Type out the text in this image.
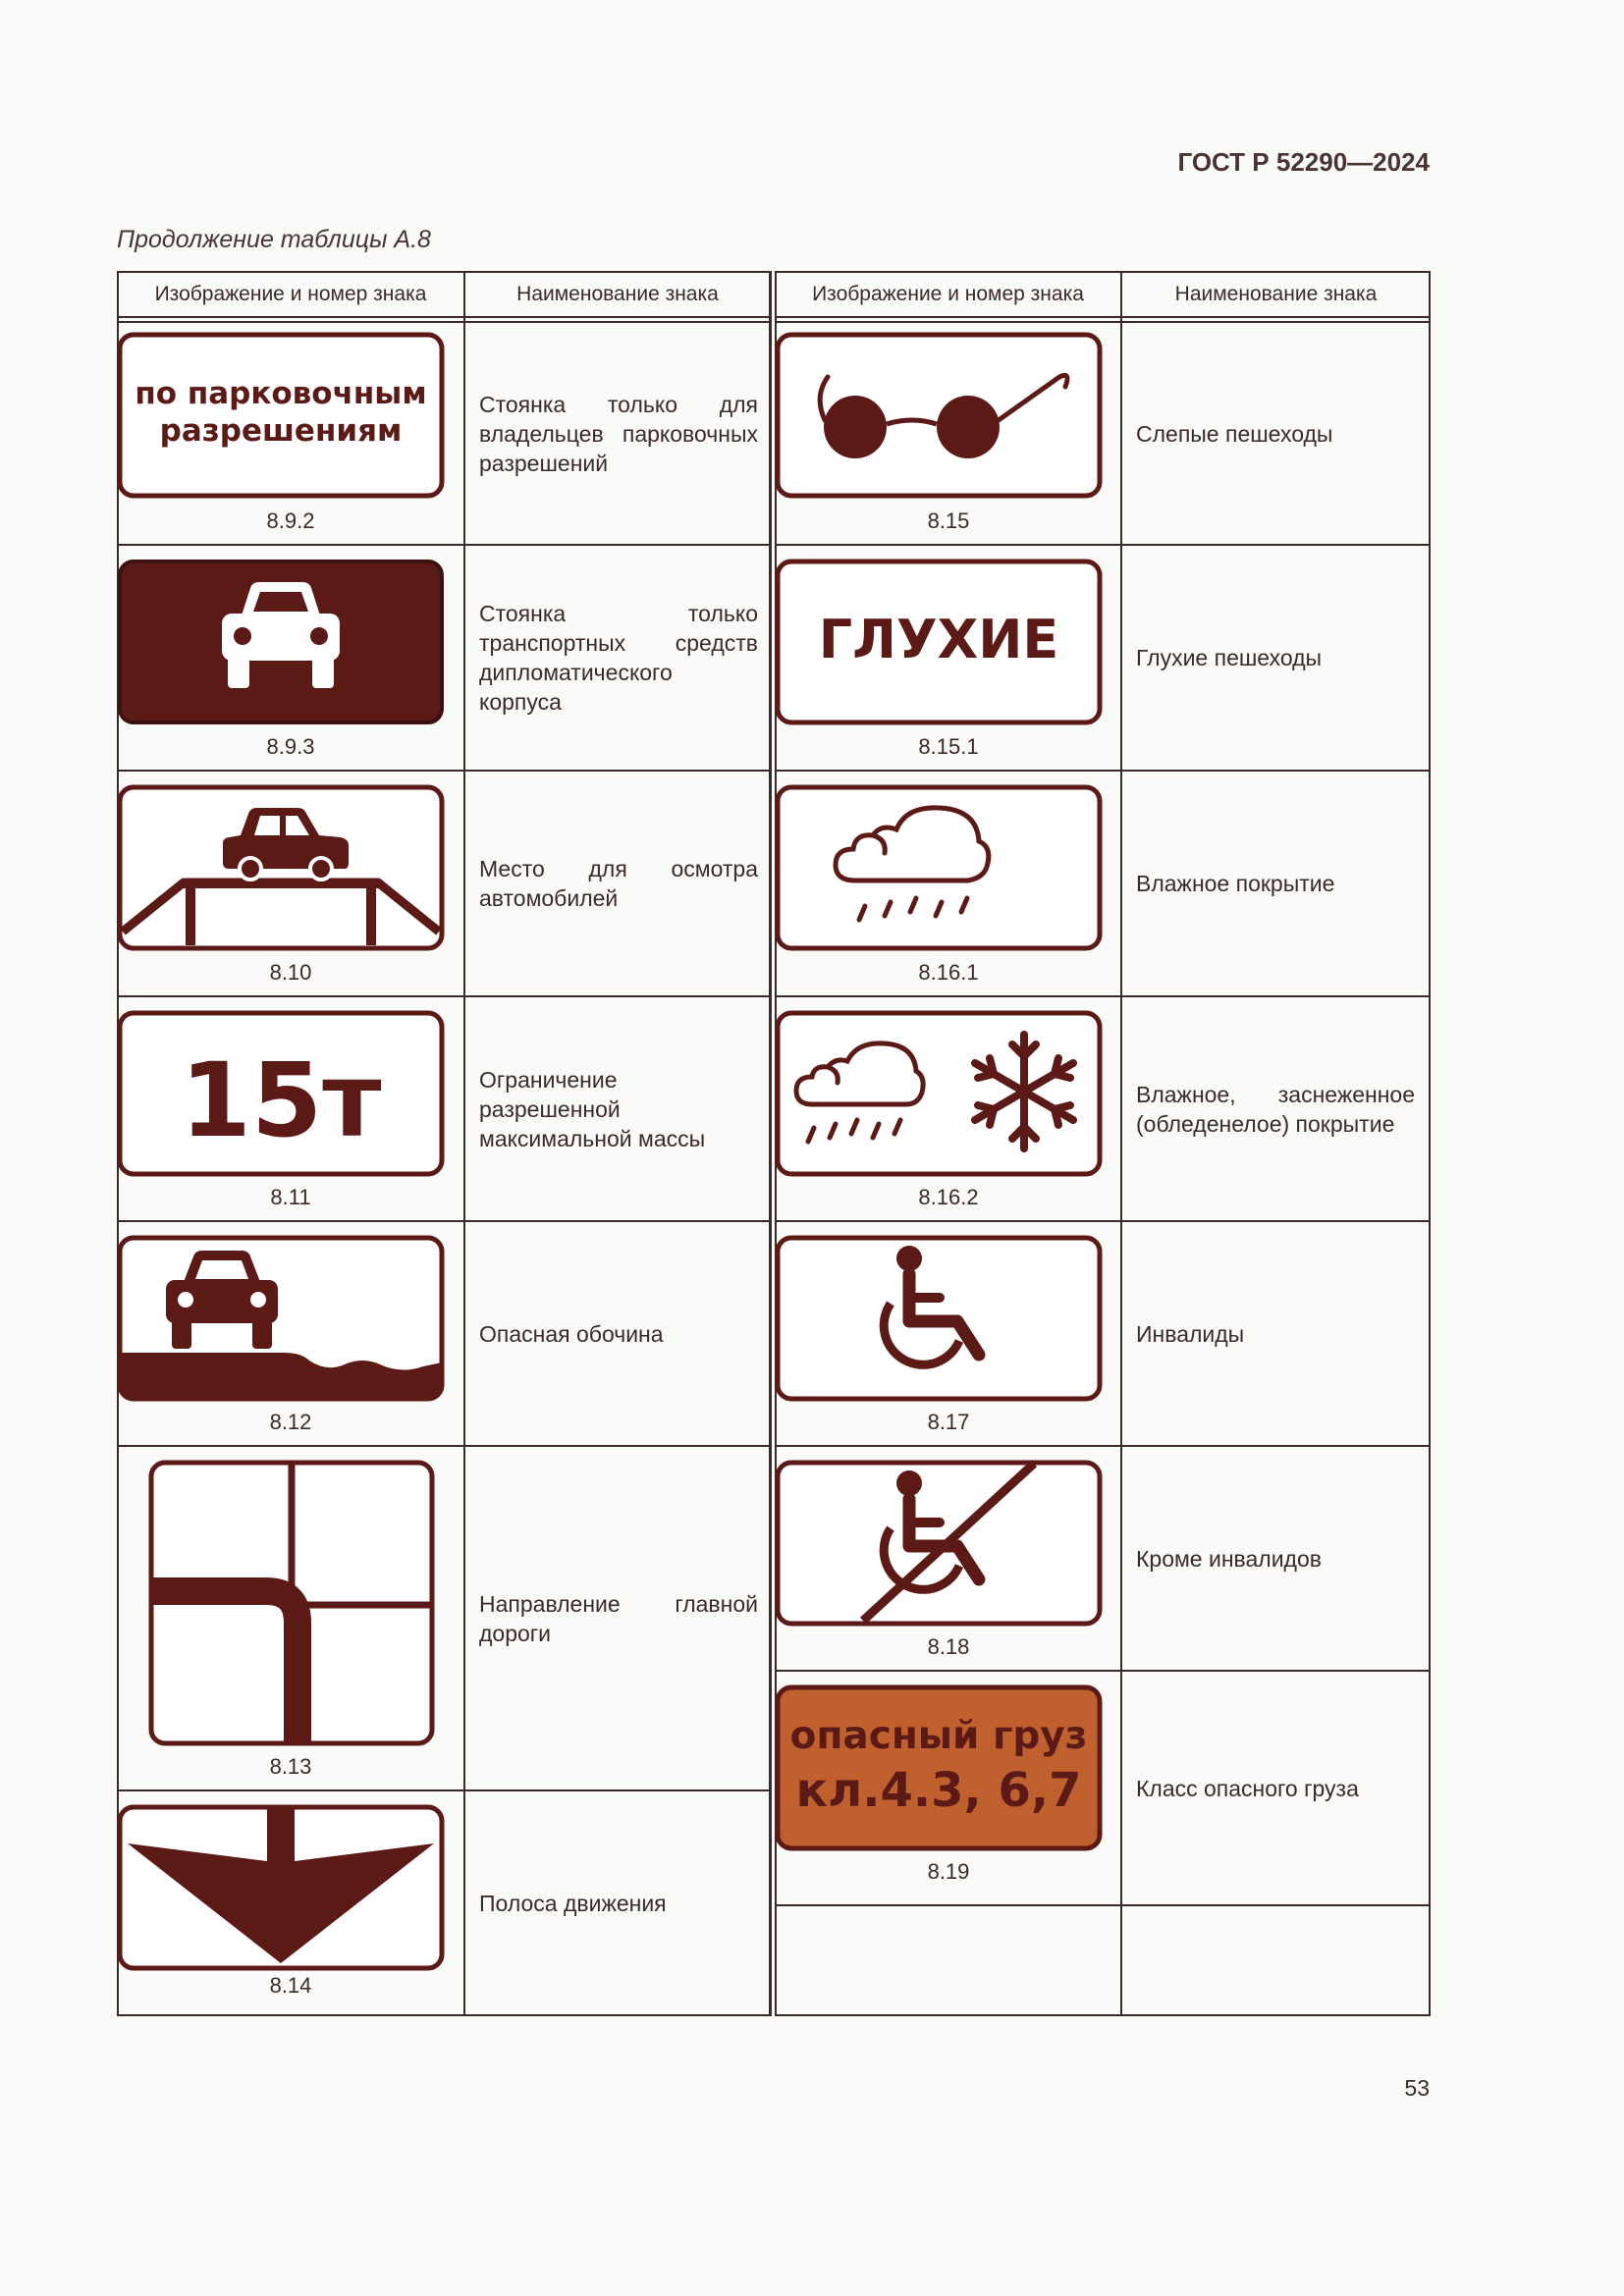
ГОСТ Р 52290—2024
Продолжение таблицы А.8
Изображение и номер знака	Наименование знака
по парковочным
разрешениям
8.9.2
Стоянка только для владельцев парковочных разрешений
8.9.3
Стоянка только транспортных средств дипломатического корпуса
8.10
Место для осмотра автомобилей
15т
8.11
Ограничение разрешенной максимальной массы
8.12
Опасная обочина
8.13
Направление главной дороги
8.14
Полоса движения
Изображение и номер знака	Наименование знака
8.15
Слепые пешеходы
ГЛУХИЕ
8.15.1
Глухие пешеходы
8.16.1
Влажное покрытие
8.16.2
Влажное, заснеженное (обледенелое) покрытие
8.17
Инвалиды
8.18
Кроме инвалидов
опасный груз
кл.4.3, 6,7
8.19
Класс опасного груза
53
